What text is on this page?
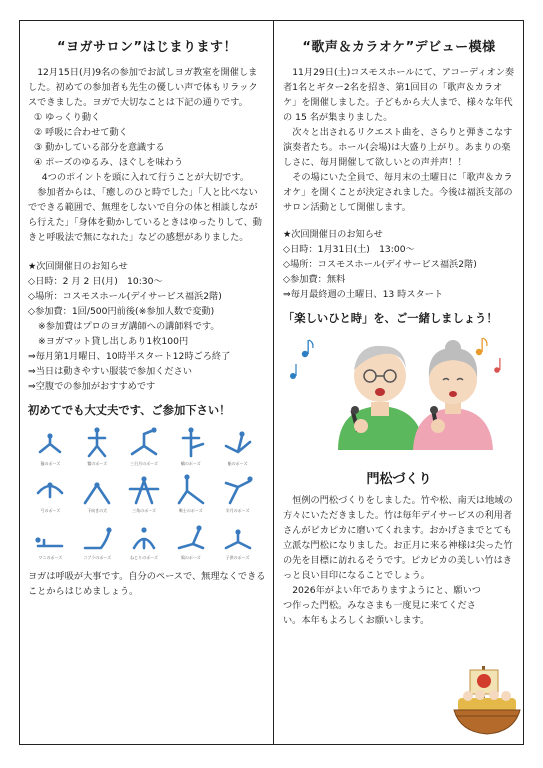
“ヨガサロン”はじまります！

12月15日(月)9名の参加でお試しヨガ教室を開催しました。初めての参加者も先生の優しい声で体もリラックスできました。ヨガで大切なことは下記の通りです。

① ゆっくり動く
② 呼吸に合わせて動く
③ 動かしている部分を意識する
④ ポーズのゆるみ、ほぐしを味わう

4つのポイントを頭に入れて行うことが大切です。

参加者からは、「癒しのひと時でした」「人と比べないでできる範囲で、無理をしないで自分の体と相談しながら行えた」「身体を動かしているときはゆったりして、動きと呼吸法で無になれた」などの感想がありました。

★次回開催日のお知らせ
◇日時：2 月 2 日(月)　10:30～
◇場所：コスモスホール(デイサービス福浜2階)
◇参加費：1回/500円前後(※参加人数で変動)
※参加費はプロのヨガ講師への講師料です。
※ヨガマット貸し出しあり1枚100円
⇒毎月第1月曜日、10時半スタート12時ごろ終了
⇒当日は動きやすい服装で参加ください
⇒空腹での参加がおすすめです
初めてでも大丈夫です、ご参加下さい！
猫のポーズ	鷲のポーズ	三日月のポーズ	鶴のポーズ	船のポーズ
弓のポーズ	下向きの犬	三角のポーズ	戦士のポーズ	半月のポーズ
ワニのポーズ	コブラのポーズ	ねじりのポーズ	鳩のポーズ	子供のポーズ

ヨガは呼吸が大事です。自分のペースで、無理なくできることからはじめましょう。

“歌声＆カラオケ”デビュー模様

11月29日(土)コスモスホールにて、アコーディオン奏者1名とギター2名を招き、第1回目の「歌声＆カラオケ」を開催しました。子どもから大人まで、様々な年代の 15 名が集まりました。

次々と出されるリクエスト曲を、さらりと弾きこなす演奏者たち。ホール(会場)は大盛り上がり。あまりの楽しさに、毎月開催して欲しいとの声并声！！

その場にいた全員で、毎月末の土曜日に「歌声＆カラオケ」を開くことが決定されました。今後は福浜支部のサロン活動として開催します。

★次回開催日のお知らせ
◇日時：1月31日(土)　13:00～
◇場所：コスモスホール(デイサービス福浜2階)
◇参加費：無料
⇒毎月最終週の土曜日、13 時スタート
「楽しいひと時」を、ご一緒しましょう！
門松づくり

恒例の門松づくりをしました。竹や松、南天は地域の方々にいただきました。竹は毎年デイサービスの利用者さんがピカピカに磨いてくれます。おかげさまでとても立派な門松になりました。お正月に来る神様は尖った竹の先を目標に訪れるそうです。ピカピカの美しい竹はきっと良い目印になることでしょう。

2026年がよい年でありますようにと、願いつつ作った門松。みなさまも一度見に来てください。本年もよろしくお願いします。
